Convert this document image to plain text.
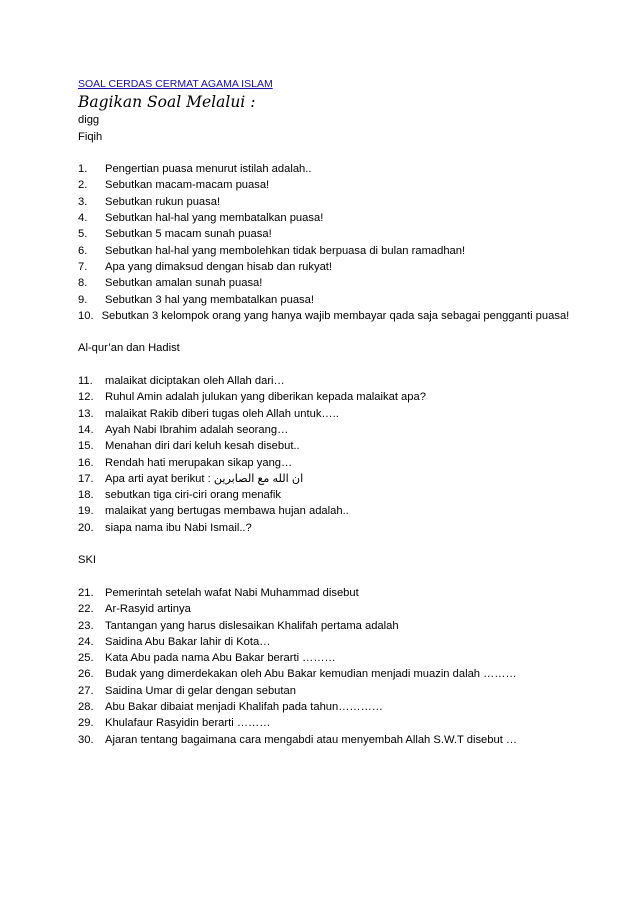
SOAL CERDAS CERMAT AGAMA ISLAM
Bagikan Soal Melalui :
digg
Fiqih
1.	Pengertian puasa menurut istilah adalah..
2.	Sebutkan macam-macam puasa!
3.	Sebutkan rukun puasa!
4.	Sebutkan hal-hal yang membatalkan puasa!
5.	Sebutkan 5 macam sunah puasa!
6.	Sebutkan hal-hal yang membolehkan tidak berpuasa di bulan ramadhan!
7.	Apa yang dimaksud dengan hisab dan rukyat!
8.	Sebutkan amalan sunah puasa!
9.	Sebutkan 3 hal yang membatalkan puasa!
10. Sebutkan 3 kelompok orang yang hanya wajib membayar qada saja sebagai pengganti puasa!
Al-qur’an dan Hadist
11.	malaikat diciptakan oleh Allah dari…
12.	Ruhul Amin adalah julukan yang diberikan kepada malaikat apa?
13.	malaikat Rakib diberi tugas oleh Allah untuk…..
14.	Ayah Nabi Ibrahim adalah seorang…
15.	Menahan diri dari keluh kesah disebut..
16.	Rendah hati merupakan sikap yang…
17.	Apa arti ayat berikut : ان الله مع الصابرين
18.	sebutkan tiga ciri-ciri orang menafik
19.	malaikat yang bertugas membawa hujan adalah..
20.	siapa nama ibu Nabi Ismail..?
SKI
21.	Pemerintah setelah wafat Nabi Muhammad disebut
22.	Ar-Rasyid artinya
23.	Tantangan yang harus dislesaikan Khalifah pertama adalah
24.	Saidina Abu Bakar lahir di Kota…
25.	Kata Abu pada nama Abu Bakar berarti ………
26.	Budak yang dimerdekakan oleh Abu Bakar kemudian menjadi muazin dalah ………
27.	Saidina Umar di gelar dengan sebutan
28.	Abu Bakar dibaiat menjadi Khalifah pada tahun…………
29.	Khulafaur Rasyidin berarti ………
30.	Ajaran tentang bagaimana cara mengabdi atau menyembah Allah S.W.T disebut …
